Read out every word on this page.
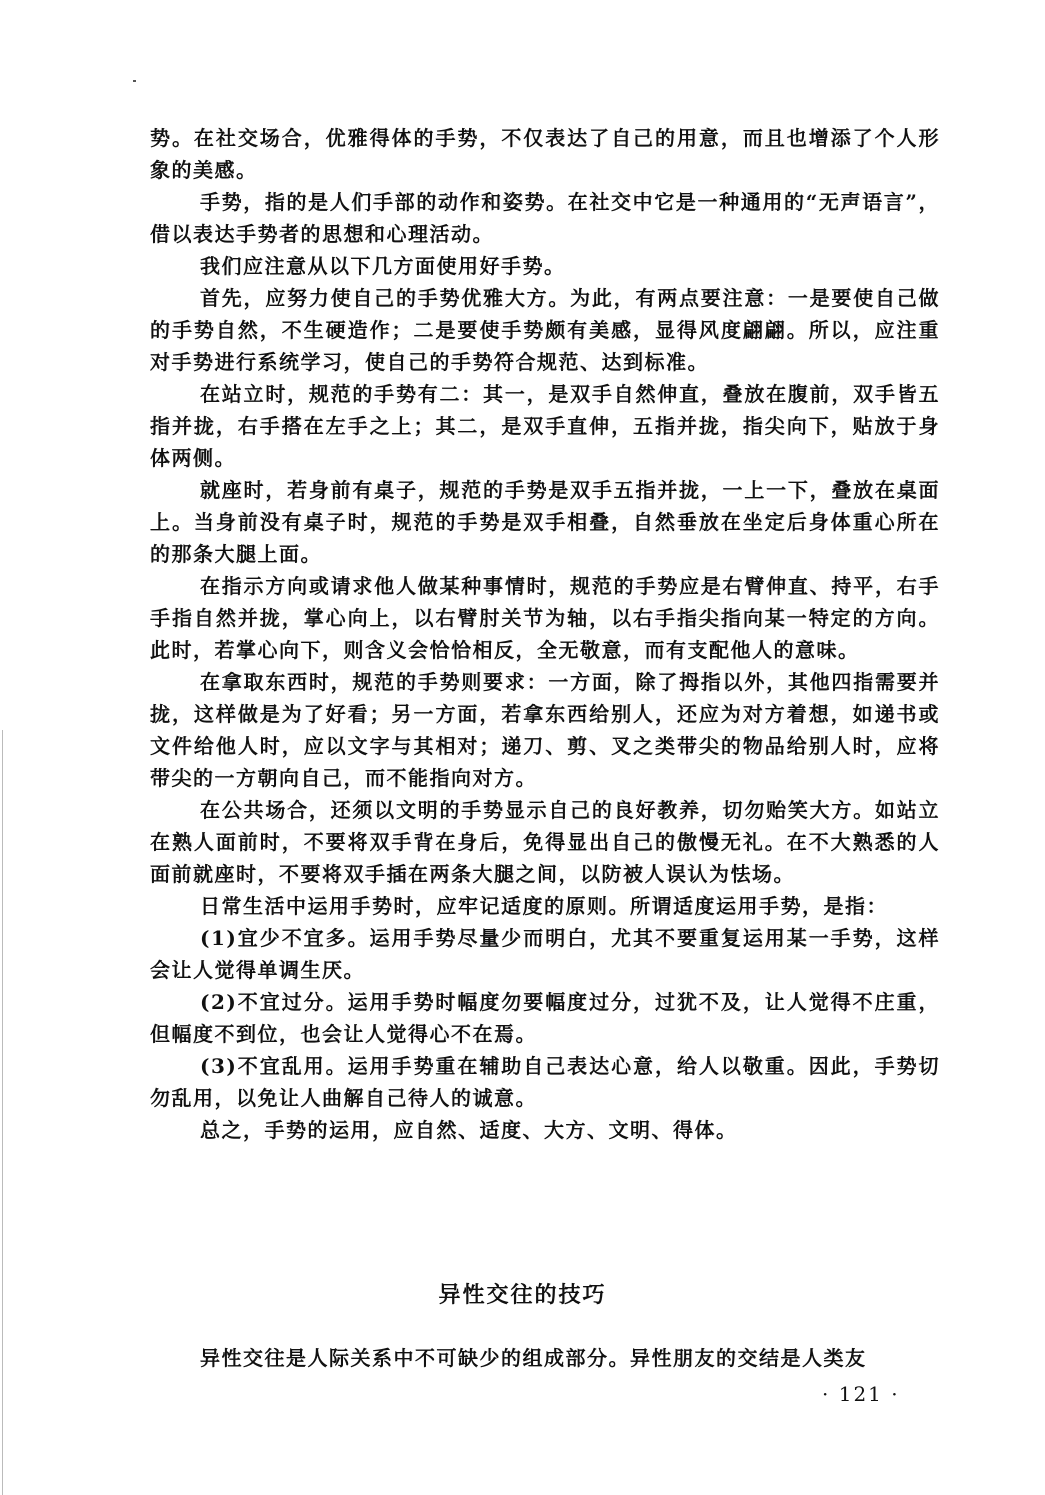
势。在社交场合，优雅得体的手势，不仅表达了自己的用意，而且也增添了个人形象的美感。

手势，指的是人们手部的动作和姿势。在社交中它是一种通用的“无声语言”，借以表达手势者的思想和心理活动。

我们应注意从以下几方面使用好手势。

首先，应努力使自己的手势优雅大方。为此，有两点要注意：一是要使自己做的手势自然，不生硬造作；二是要使手势颇有美感，显得风度翩翩。所以，应注重对手势进行系统学习，使自己的手势符合规范、达到标准。

在站立时，规范的手势有二：其一，是双手自然伸直，叠放在腹前，双手皆五指并拢，右手搭在左手之上；其二，是双手直伸，五指并拢，指尖向下，贴放于身体两侧。

就座时，若身前有桌子，规范的手势是双手五指并拢，一上一下，叠放在桌面上。当身前没有桌子时，规范的手势是双手相叠，自然垂放在坐定后身体重心所在的那条大腿上面。

在指示方向或请求他人做某种事情时，规范的手势应是右臂伸直、持平，右手手指自然并拢，掌心向上，以右臂肘关节为轴，以右手指尖指向某一特定的方向。此时，若掌心向下，则含义会恰恰相反，全无敬意，而有支配他人的意味。

在拿取东西时，规范的手势则要求：一方面，除了拇指以外，其他四指需要并拢，这样做是为了好看；另一方面，若拿东西给别人，还应为对方着想，如递书或文件给他人时，应以文字与其相对；递刀、剪、叉之类带尖的物品给别人时，应将带尖的一方朝向自己，而不能指向对方。

在公共场合，还须以文明的手势显示自己的良好教养，切勿贻笑大方。如站立在熟人面前时，不要将双手背在身后，免得显出自己的傲慢无礼。在不大熟悉的人面前就座时，不要将双手插在两条大腿之间，以防被人误认为怯场。

日常生活中运用手势时，应牢记适度的原则。所谓适度运用手势，是指：

(1)宜少不宜多。运用手势尽量少而明白，尤其不要重复运用某一手势，这样会让人觉得单调生厌。

(2)不宜过分。运用手势时幅度勿要幅度过分，过犹不及，让人觉得不庄重，但幅度不到位，也会让人觉得心不在焉。

(3)不宜乱用。运用手势重在辅助自己表达心意，给人以敬重。因此，手势切勿乱用，以免让人曲解自己待人的诚意。

总之，手势的运用，应自然、适度、大方、文明、得体。

异性交往的技巧

异性交往是人际关系中不可缺少的组成部分。异性朋友的交结是人类友

· 121 ·
